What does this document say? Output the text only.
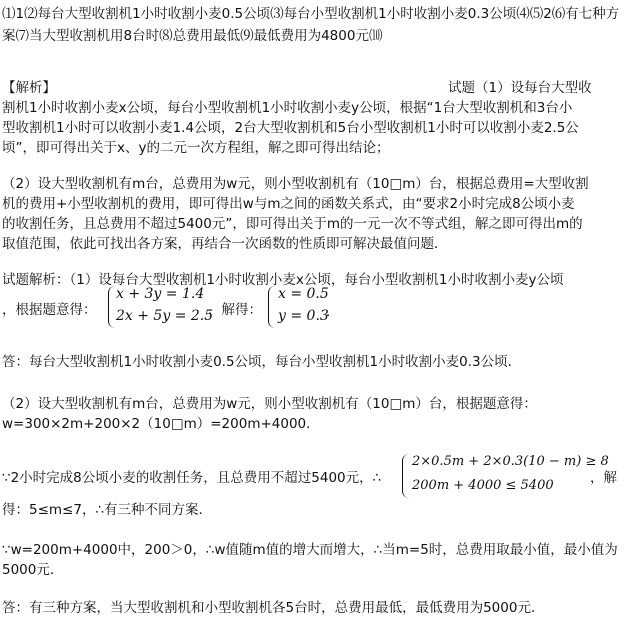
⑴1⑵每台大型收割机1小时收割小麦0.5公顷⑶每台小型收割机1小时收割小麦0.3公顷⑷⑸2⑹有七种方
案⑺当大型收割机用8台时⑻总费用最低⑼最低费用为4800元⑽
【解析】	试题（1）设每台大型收
割机1小时收割小麦x公顷，每台小型收割机1小时收割小麦y公顷，根据“1台大型收割机和3台小
型收割机1小时可以收割小麦1.4公顷，2台大型收割机和5台小型收割机1小时可以收割小麦2.5公
顷”，即可得出关于x、y的二元一次方程组，解之即可得出结论；
（2）设大型收割机有m台，总费用为w元，则小型收割机有（10□m）台，根据总费用=大型收割
机的费用+小型收割机的费用，即可得出w与m之间的函数关系式，由“要求2小时完成8公顷小麦
的收割任务，且总费用不超过5400元”，即可得出关于m的一元一次不等式组，解之即可得出m的
取值范围，依此可找出各方案，再结合一次函数的性质即可解决最值问题．
试题解析：（1）设每台大型收割机1小时收割小麦x公顷，每台小型收割机1小时收割小麦y公顷
，根据题意得：
x + 3y = 1.4
2x + 5y = 2.5
，解得：
x = 0.5
y = 0.3
．
答：每台大型收割机1小时收割小麦0.5公顷，每台小型收割机1小时收割小麦0.3公顷．
（2）设大型收割机有m台，总费用为w元，则小型收割机有（10□m）台，根据题意得：
w=300×2m+200×2（10□m）=200m+4000．
∵2小时完成8公顷小麦的收割任务，且总费用不超过5400元，∴
2×0.5m + 2×0.3(10 − m) ≥ 8
200m + 4000 ≤ 5400	，解
得：5≤m≤7，∴有三种不同方案．
∵w=200m+4000中，200＞0，∴w值随m值的增大而增大，∴当m=5时，总费用取最小值，最小值为
5000元．
答：有三种方案，当大型收割机和小型收割机各5台时，总费用最低，最低费用为5000元．
